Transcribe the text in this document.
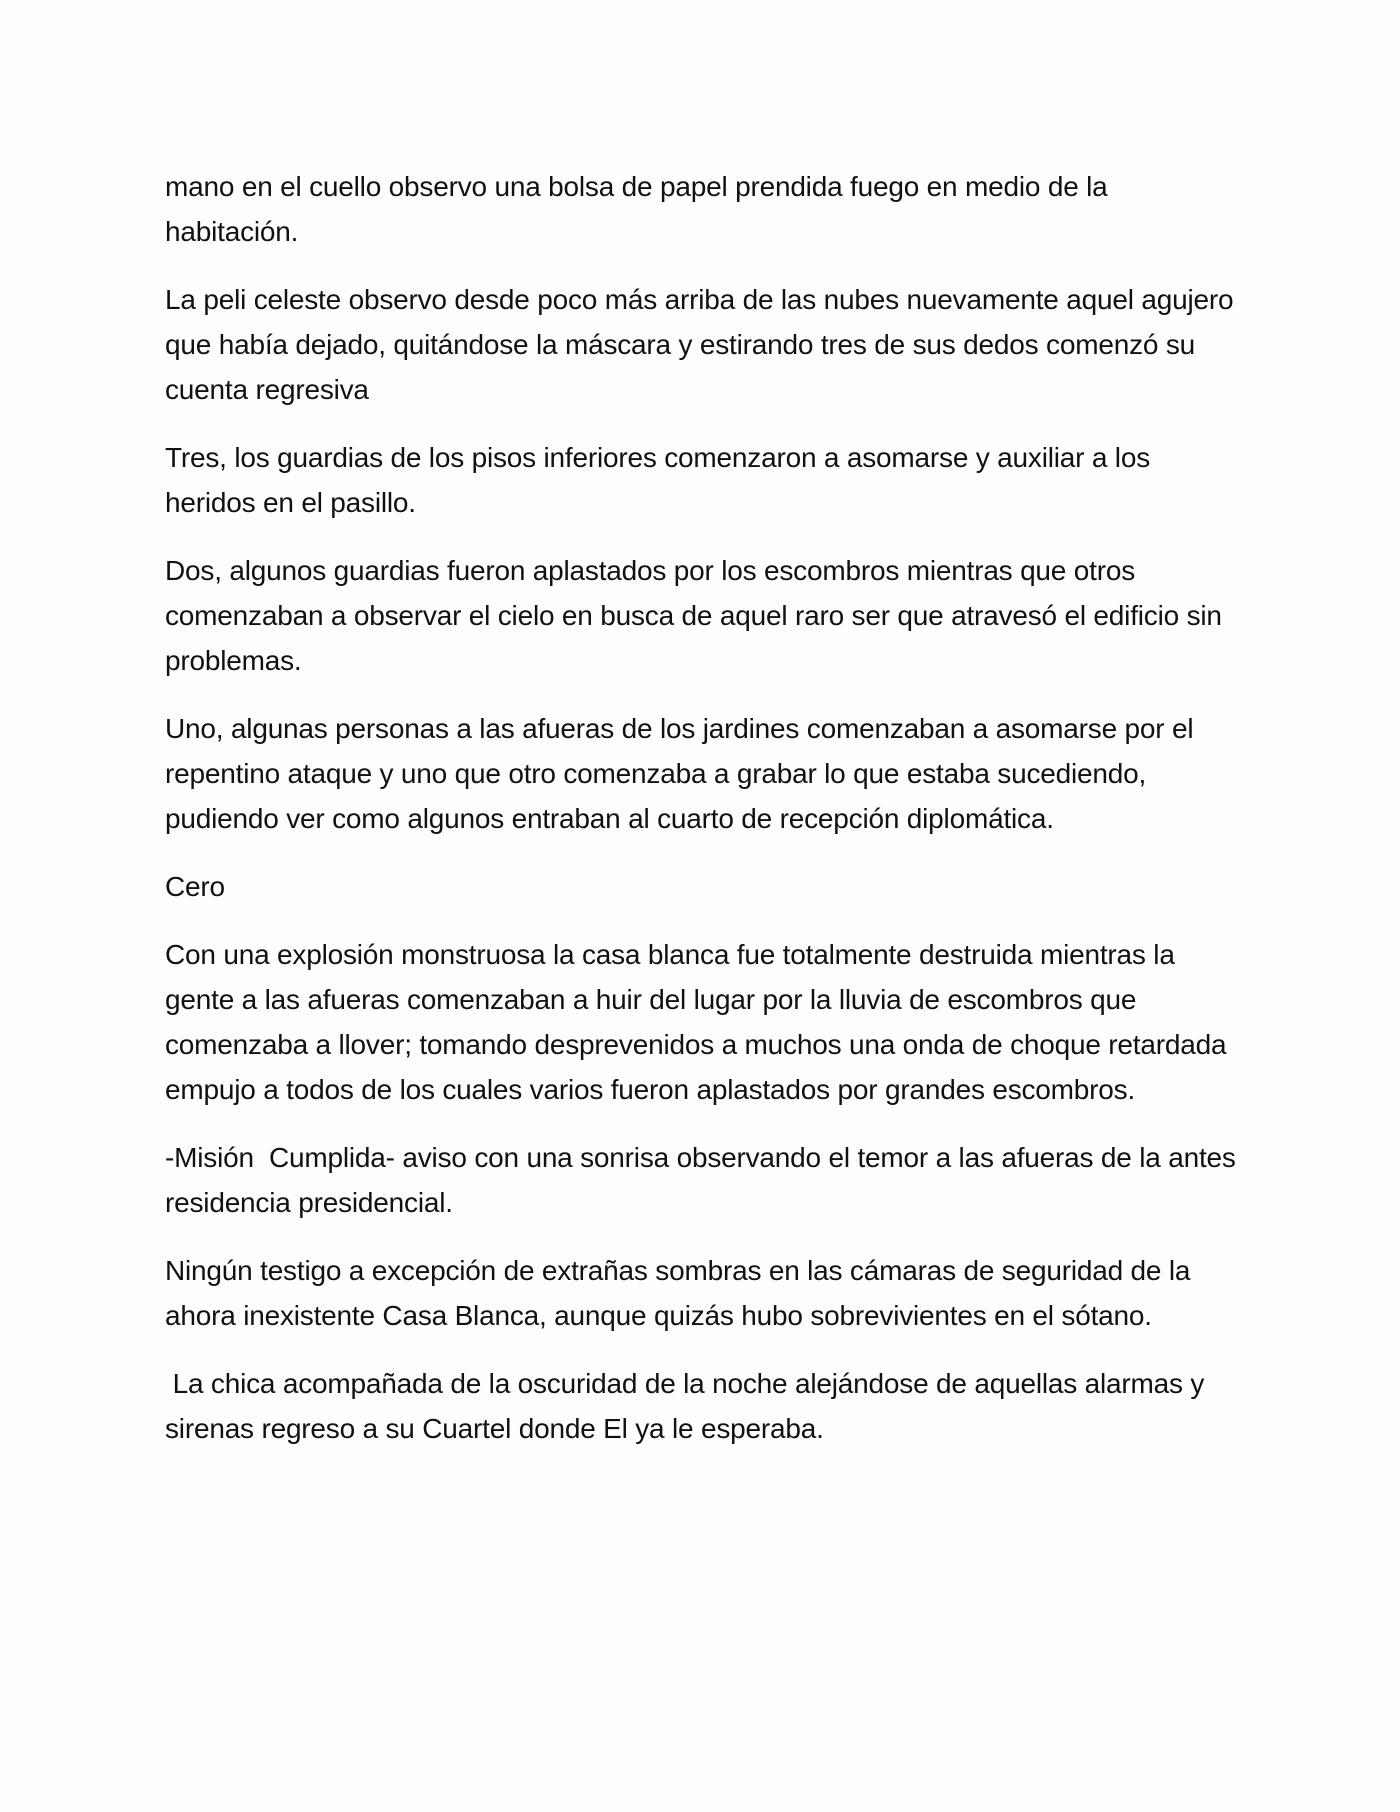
mano en el cuello observo una bolsa de papel prendida fuego en medio de la habitación.

La peli celeste observo desde poco más arriba de las nubes nuevamente aquel agujero que había dejado, quitándose la máscara y estirando tres de sus dedos comenzó su cuenta regresiva

Tres, los guardias de los pisos inferiores comenzaron a asomarse y auxiliar a los heridos en el pasillo.

Dos, algunos guardias fueron aplastados por los escombros mientras que otros comenzaban a observar el cielo en busca de aquel raro ser que atravesó el edificio sin problemas.

Uno, algunas personas a las afueras de los jardines comenzaban a asomarse por el repentino ataque y uno que otro comenzaba a grabar lo que estaba sucediendo, pudiendo ver como algunos entraban al cuarto de recepción diplomática.

Cero

Con una explosión monstruosa la casa blanca fue totalmente destruida mientras la gente a las afueras comenzaban a huir del lugar por la lluvia de escombros que comenzaba a llover; tomando desprevenidos a muchos una onda de choque retardada empujo a todos de los cuales varios fueron aplastados por grandes escombros.

-Misión  Cumplida- aviso con una sonrisa observando el temor a las afueras de la antes residencia presidencial.

Ningún testigo a excepción de extrañas sombras en las cámaras de seguridad de la ahora inexistente Casa Blanca, aunque quizás hubo sobrevivientes en el sótano.

La chica acompañada de la oscuridad de la noche alejándose de aquellas alarmas y sirenas regreso a su Cuartel donde El ya le esperaba.
